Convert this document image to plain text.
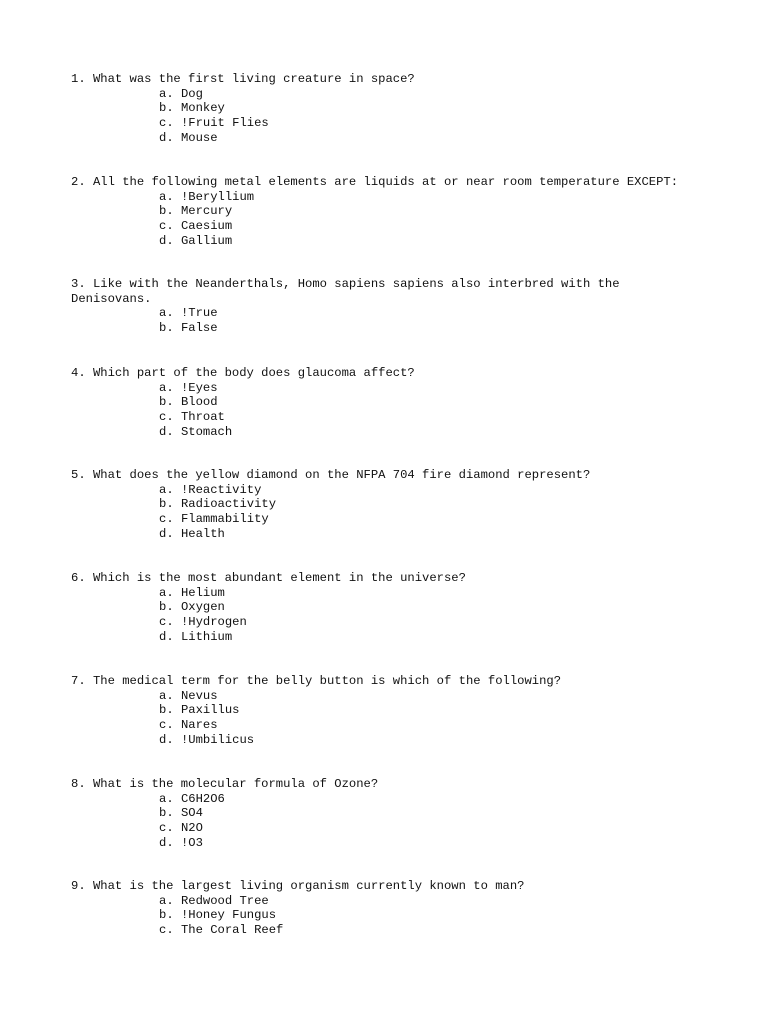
1. What was the first living creature in space?
a. Dog
b. Monkey
c. !Fruit Flies
d. Mouse
2. All the following metal elements are liquids at or near room temperature EXCEPT:
a. !Beryllium
b. Mercury
c. Caesium
d. Gallium
3. Like with the Neanderthals, Homo sapiens sapiens also interbred with the
Denisovans.
a. !True
b. False
4. Which part of the body does glaucoma affect?
a. !Eyes
b. Blood
c. Throat
d. Stomach
5. What does the yellow diamond on the NFPA 704 fire diamond represent?
a. !Reactivity
b. Radioactivity
c. Flammability
d. Health
6. Which is the most abundant element in the universe?
a. Helium
b. Oxygen
c. !Hydrogen
d. Lithium
7. The medical term for the belly button is which of the following?
a. Nevus
b. Paxillus
c. Nares
d. !Umbilicus
8. What is the molecular formula of Ozone?
a. C6H2O6
b. SO4
c. N2O
d. !O3
9. What is the largest living organism currently known to man?
a. Redwood Tree
b. !Honey Fungus
c. The Coral Reef
